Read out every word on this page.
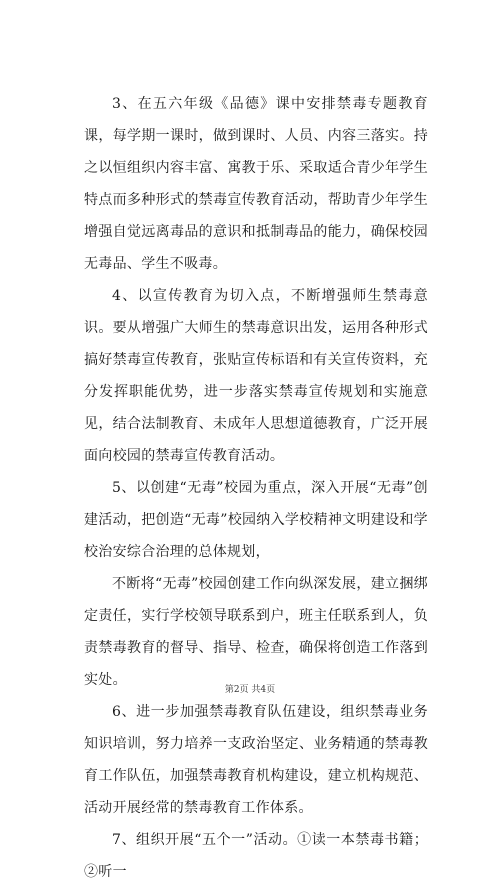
3、在五六年级《品德》课中安排禁毒专题教育课，每学期一课时，做到课时、人员、内容三落实。持之以恒组织内容丰富、寓教于乐、采取适合青少年学生特点而多种形式的禁毒宣传教育活动，帮助青少年学生增强自觉远离毒品的意识和抵制毒品的能力，确保校园无毒品、学生不吸毒。

4、以宣传教育为切入点，不断增强师生禁毒意识。要从增强广大师生的禁毒意识出发，运用各种形式搞好禁毒宣传教育，张贴宣传标语和有关宣传资料，充分发挥职能优势，进一步落实禁毒宣传规划和实施意见，结合法制教育、未成年人思想道德教育，广泛开展面向校园的禁毒宣传教育活动。

5、以创建“无毒”校园为重点，深入开展“无毒”创建活动，把创造“无毒”校园纳入学校精神文明建设和学校治安综合治理的总体规划，

不断将“无毒”校园创建工作向纵深发展，建立捆绑定责任，实行学校领导联系到户，班主任联系到人，负责禁毒教育的督导、指导、检查，确保将创造工作落到实处。

6、进一步加强禁毒教育队伍建设，组织禁毒业务知识培训，努力培养一支政治坚定、业务精通的禁毒教育工作队伍，加强禁毒教育机构建设，建立机构规范、活动开展经常的禁毒教育工作体系。

7、组织开展“五个一”活动。①读一本禁毒书籍；②听一

第2页 共4页
